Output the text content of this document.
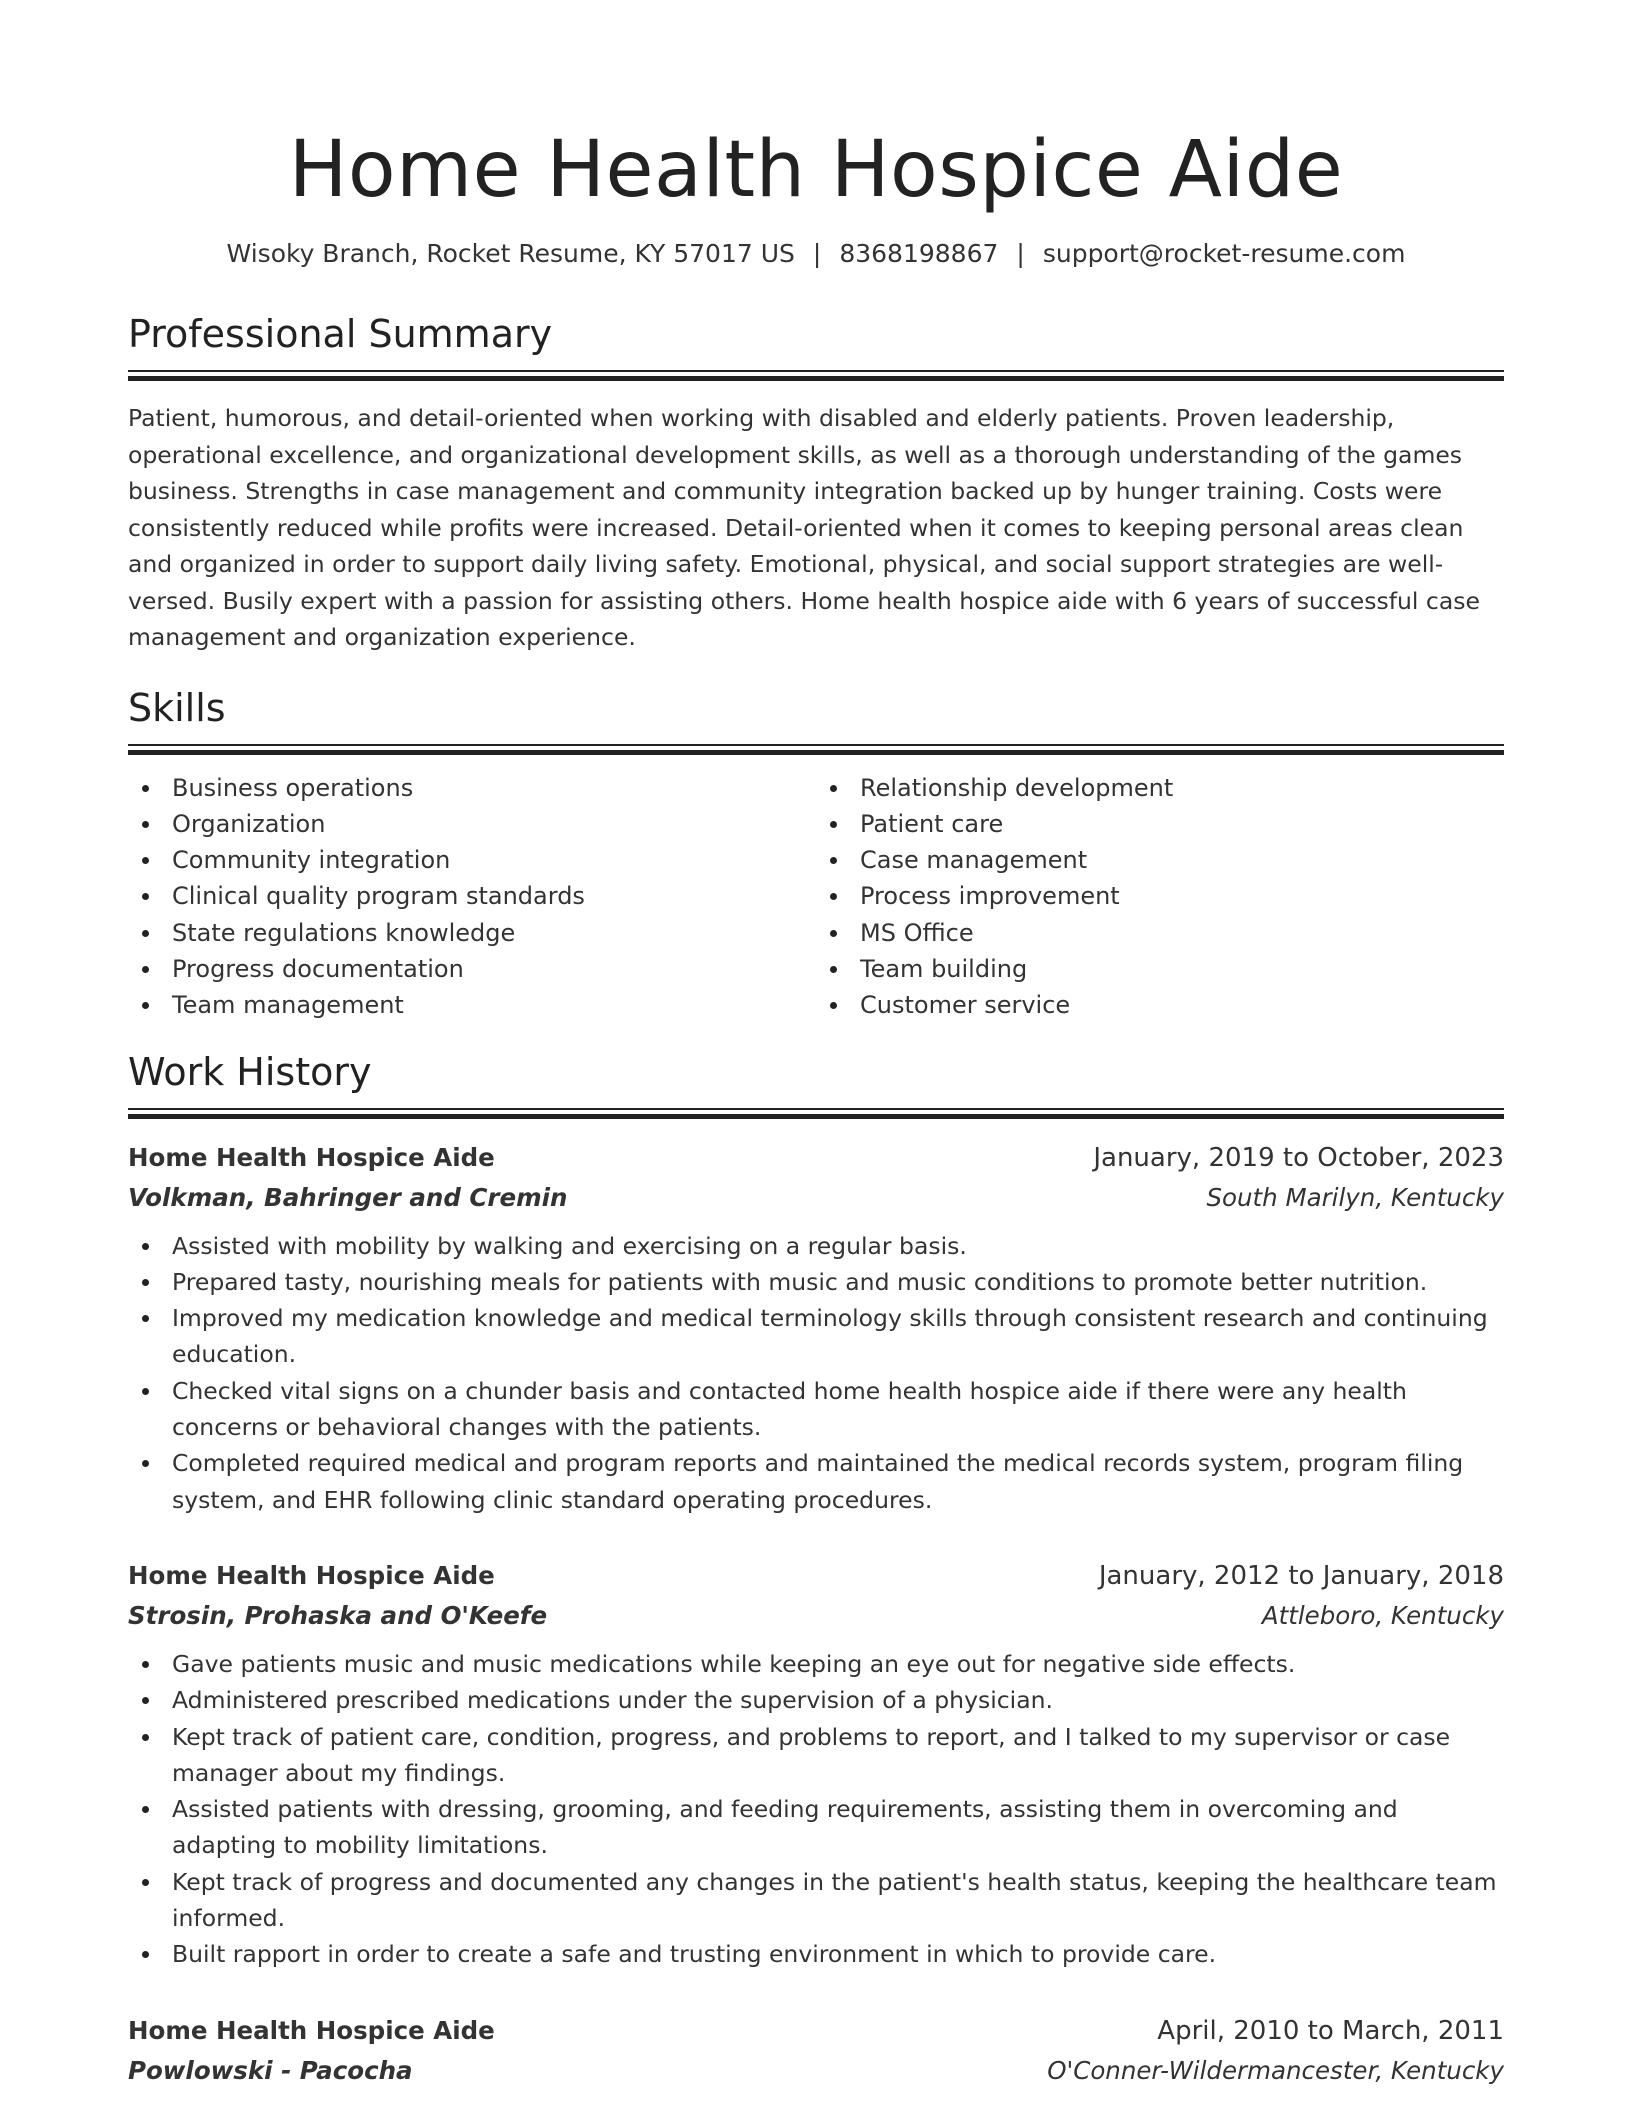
Home Health Hospice Aide
Wisoky Branch, Rocket Resume, KY 57017 US | 8368198867 | support@rocket-resume.com
Professional Summary

Patient, humorous, and detail-oriented when working with disabled and elderly patients. Proven leadership, operational excellence, and organizational development skills, as well as a thorough understanding of the games business. Strengths in case management and community integration backed up by hunger training. Costs were consistently reduced while profits were increased. Detail-oriented when it comes to keeping personal areas clean and organized in order to support daily living safety. Emotional, physical, and social support strategies are well-versed. Busily expert with a passion for assisting others. Home health hospice aide with 6 years of successful case management and organization experience.

Skills
Business operations
Organization
Community integration
Clinical quality program standards
State regulations knowledge
Progress documentation
Team management
Relationship development
Patient care
Case management
Process improvement
MS Office
Team building
Customer service
Work History
Home Health Hospice Aide	January, 2019 to October, 2023
Volkman, Bahringer and Cremin	South Marilyn, Kentucky
Assisted with mobility by walking and exercising on a regular basis.
Prepared tasty, nourishing meals for patients with music and music conditions to promote better nutrition.
Improved my medication knowledge and medical terminology skills through consistent research and continuing education.
Checked vital signs on a chunder basis and contacted home health hospice aide if there were any health concerns or behavioral changes with the patients.
Completed required medical and program reports and maintained the medical records system, program filing system, and EHR following clinic standard operating procedures.
Home Health Hospice Aide	January, 2012 to January, 2018
Strosin, Prohaska and O'Keefe	Attleboro, Kentucky
Gave patients music and music medications while keeping an eye out for negative side effects.
Administered prescribed medications under the supervision of a physician.
Kept track of patient care, condition, progress, and problems to report, and I talked to my supervisor or case manager about my findings.
Assisted patients with dressing, grooming, and feeding requirements, assisting them in overcoming and adapting to mobility limitations.
Kept track of progress and documented any changes in the patient's health status, keeping the healthcare team informed.
Built rapport in order to create a safe and trusting environment in which to provide care.
Home Health Hospice Aide	April, 2010 to March, 2011
Powlowski - Pacocha	O'Conner-Wildermancester, Kentucky
